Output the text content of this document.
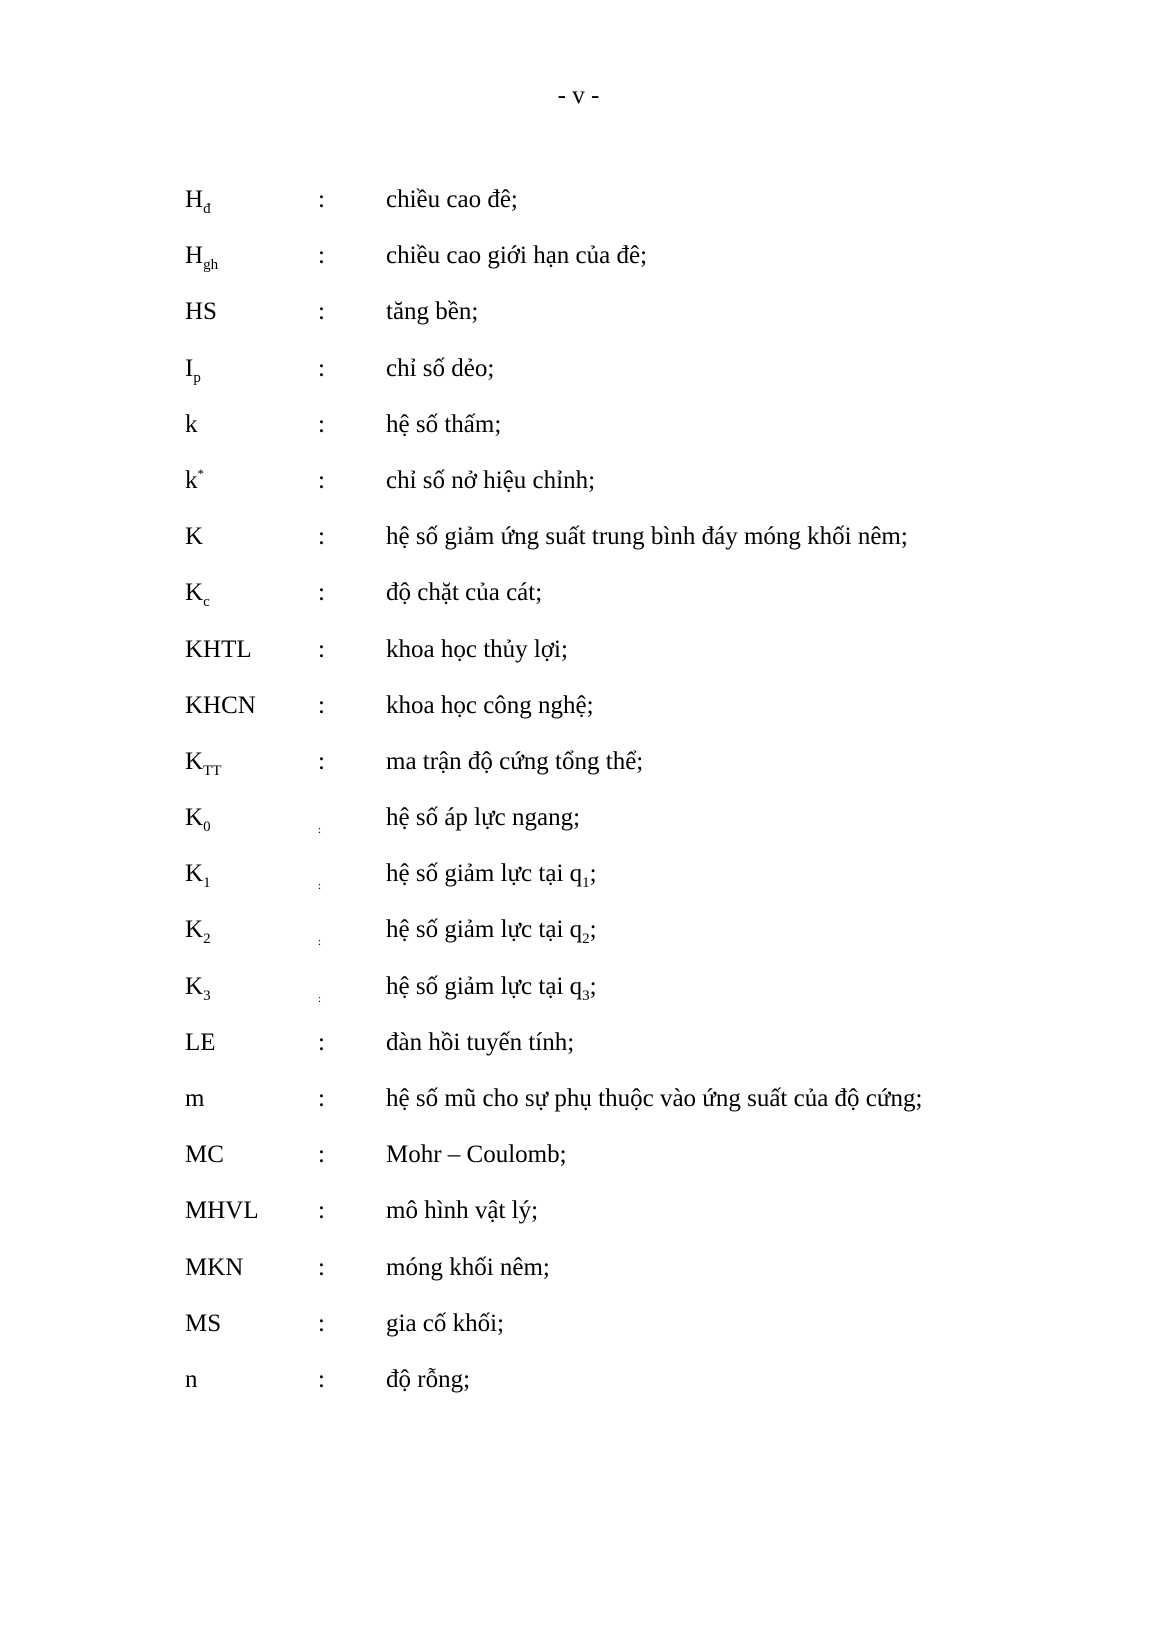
- v -
$H_đ$	: chiều cao đê;
$H_{gh}$	: chiều cao giới hạn của đê;
HS	: tăng bền;
$I_p$	: chỉ số dẻo;
k	: hệ số thấm;
k*	: chỉ số nở hiệu chỉnh;
K	: hệ số giảm ứng suất trung bình đáy móng khối nêm;
$K_c$	: độ chặt của cát;
KHTL	: khoa học thủy lợi;
KHCN : khoa học công nghệ;
$K_{TT}$	: ma trận độ cứng tổng thể;
$K_0$	:	hệ số áp lực ngang;
$K_1$	:	hệ số giảm lực tại $q_1$;
$K_2$	:	hệ số giảm lực tại $q_2$;
$K_3$	:	hệ số giảm lực tại $q_3$;
LE	: đàn hồi tuyến tính;
m	: hệ số mũ cho sự phụ thuộc vào ứng suất của độ cứng;
MC	: Mohr – Coulomb;
MHVL : mô hình vật lý;
MKN	: móng khối nêm;
MS	: gia cố khối;
n	: độ rỗng;
